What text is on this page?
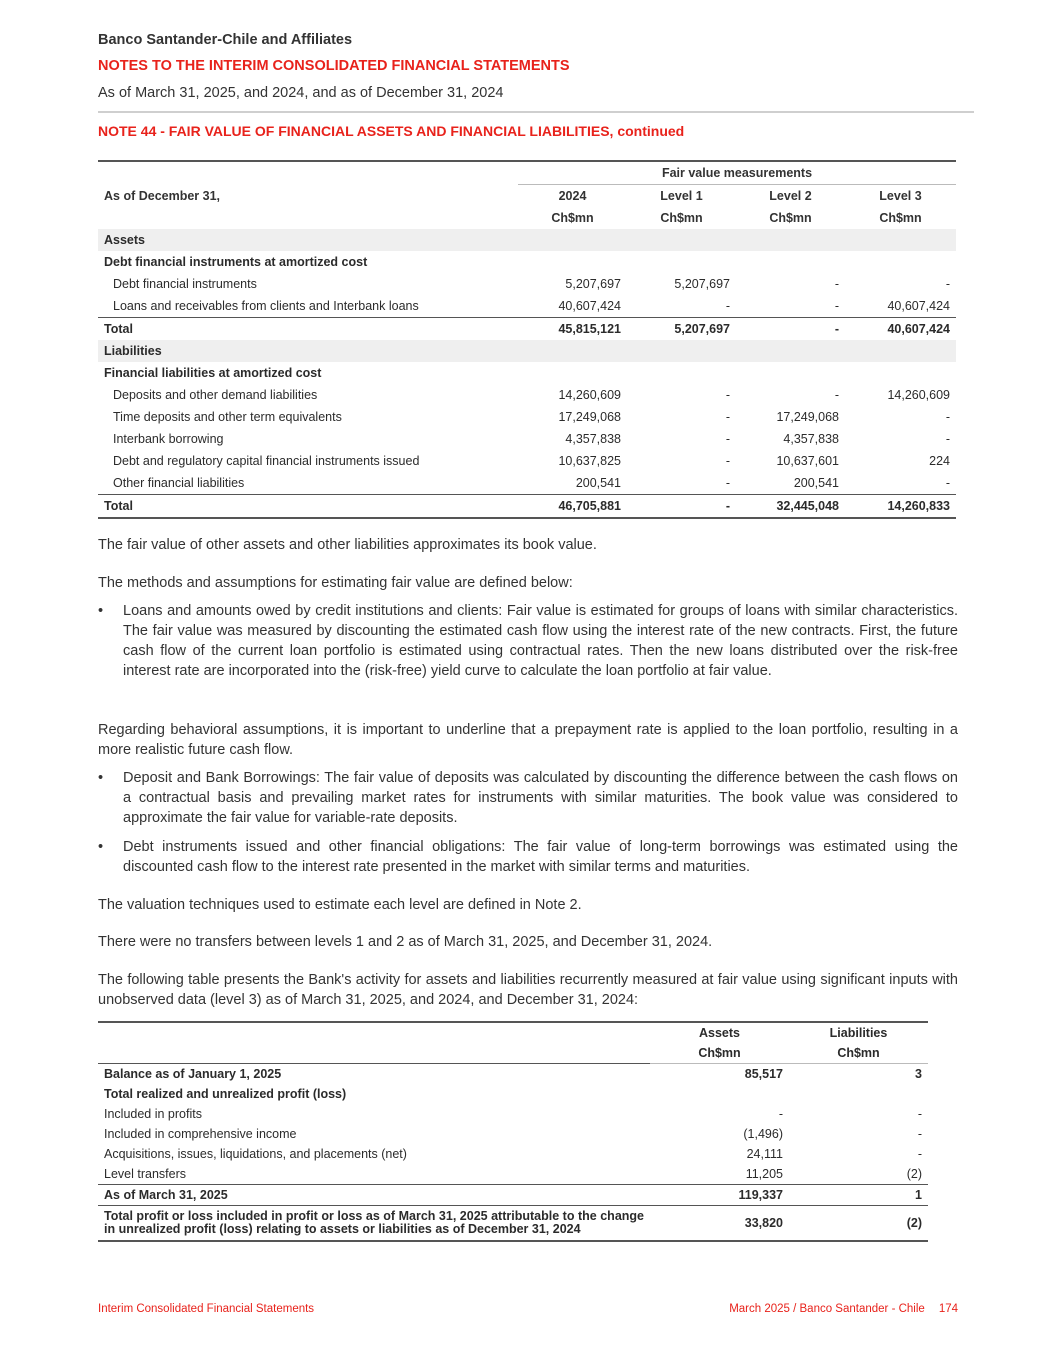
Banco Santander-Chile and Affiliates
NOTES TO THE INTERIM CONSOLIDATED FINANCIAL STATEMENTS
As of March 31, 2025, and 2024, and as of December 31, 2024
NOTE 44 - FAIR VALUE OF FINANCIAL ASSETS AND FINANCIAL LIABILITIES, continued
	Fair value measurements			
As of December 31,	2024	Level 1	Level 2	Level 3
	Ch$mn	Ch$mn	Ch$mn	Ch$mn
Assets				
Debt financial instruments at amortized cost				
Debt financial instruments	5,207,697	5,207,697	-	-
Loans and receivables from clients and Interbank loans	40,607,424	-	-	40,607,424
Total	45,815,121	5,207,697	-	40,607,424
Liabilities				
Financial liabilities at amortized cost				
Deposits and other demand liabilities	14,260,609	-	-	14,260,609
Time deposits and other term equivalents	17,249,068	-	17,249,068	-
Interbank borrowing	4,357,838	-	4,357,838	-
Debt and regulatory capital financial instruments issued	10,637,825	-	10,637,601	224
Other financial liabilities	200,541	-	200,541	-
Total	46,705,881	-	32,445,048	14,260,833
The fair value of other assets and other liabilities approximates its book value.
The methods and assumptions for estimating fair value are defined below:
•	Loans and amounts owed by credit institutions and clients: Fair value is estimated for groups of loans with similar characteristics. The fair value was measured by discounting the estimated cash flow using the interest rate of the new contracts. First, the future cash flow of the current loan portfolio is estimated using contractual rates. Then the new loans distributed over the risk-free interest rate are incorporated into the (risk-free) yield curve to calculate the loan portfolio at fair value.
Regarding behavioral assumptions, it is important to underline that a prepayment rate is applied to the loan portfolio, resulting in a more realistic future cash flow.
•	Deposit and Bank Borrowings: The fair value of deposits was calculated by discounting the difference between the cash flows on a contractual basis and prevailing market rates for instruments with similar maturities. The book value was considered to approximate the fair value for variable-rate deposits.
•	Debt instruments issued and other financial obligations: The fair value of long-term borrowings was estimated using the discounted cash flow to the interest rate presented in the market with similar terms and maturities.
The valuation techniques used to estimate each level are defined in Note 2.
There were no transfers between levels 1 and 2 as of March 31, 2025, and December 31, 2024.
The following table presents the Bank's activity for assets and liabilities recurrently measured at fair value using significant inputs with unobserved data (level 3) as of March 31, 2025, and 2024, and December 31, 2024:
	Assets	Liabilities
	Ch$mn	Ch$mn
Balance as of January 1, 2025	85,517	3
Total realized and unrealized profit (loss)		
Included in profits	-	-
Included in comprehensive income	(1,496)	-
Acquisitions, issues, liquidations, and placements (net)	24,111	-
Level transfers	11,205	(2)
As of March 31, 2025	119,337	1
Total profit or loss included in profit or loss as of March 31, 2025 attributable to the change in unrealized profit (loss) relating to assets or liabilities as of December 31, 2024	33,820	(2)
Interim Consolidated Financial Statements	March 2025 / Banco Santander - Chile 174
